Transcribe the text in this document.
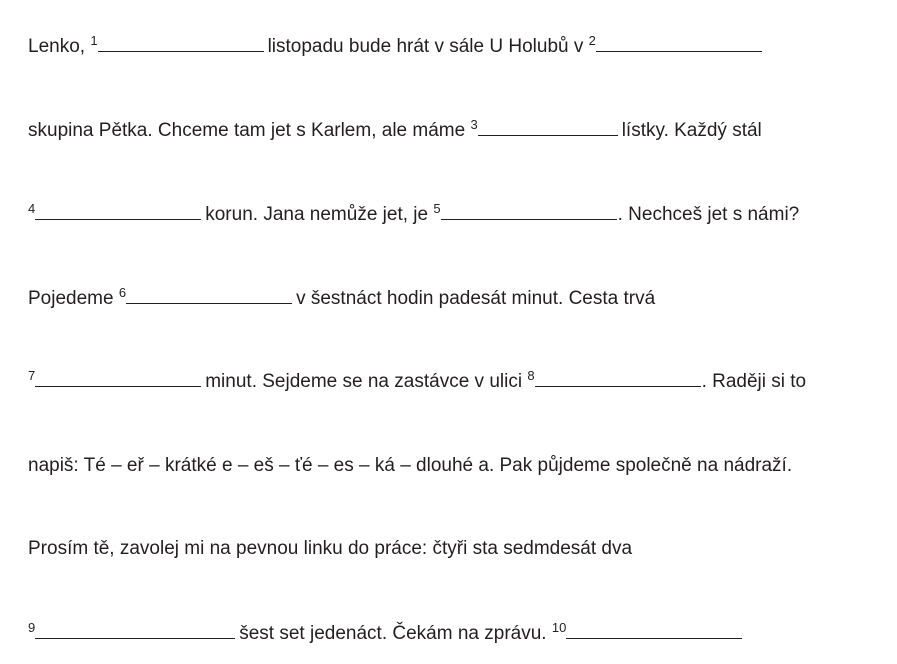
Lenko, $^1$	listopadu bude hrát v sále U Holubů v $^2$
skupina Pětka. Chceme tam jet s Karlem, ale máme $^3$	lístky. Každý stál
$^4$	korun. Jana nemůže jet, je $^5$	. Nechceš jet s námi?
Pojedeme $^6$	v šestnáct hodin padesát minut. Cesta trvá
$^7$	minut. Sejdeme se na zastávce v ulici $^8$	. Raději si to
napiš: Té – eř – krátké e – eš – ťé – es – ká – dlouhé a. Pak půjdeme společně na nádraží.
Prosím tě, zavolej mi na pevnou linku do práce: čtyři sta sedmdesát dva
$^9$	šest set jedenáct. Čekám na zprávu. $^{10}$
